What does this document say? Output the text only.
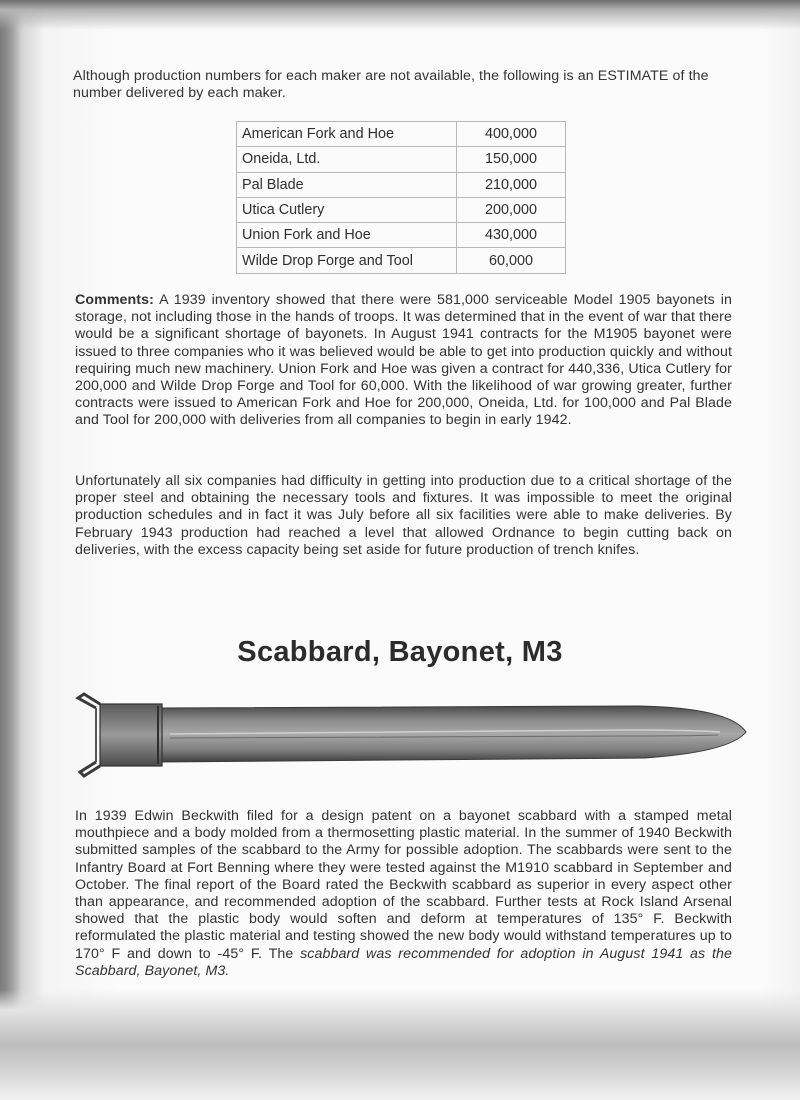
Although production numbers for each maker are not available, the following is an ESTIMATE of the number delivered by each maker.
American Fork and Hoe	400,000
Oneida, Ltd.	150,000
Pal Blade	210,000
Utica Cutlery	200,000
Union Fork and Hoe	430,000
Wilde Drop Forge and Tool	60,000
Comments: A 1939 inventory showed that there were 581,000 serviceable Model 1905 bayonets in storage, not including those in the hands of troops. It was determined that in the event of war that there would be a significant shortage of bayonets. In August 1941 contracts for the M1905 bayonet were issued to three companies who it was believed would be able to get into production quickly and without requiring much new machinery. Union Fork and Hoe was given a contract for 440,336, Utica Cutlery for 200,000 and Wilde Drop Forge and Tool for 60,000. With the likelihood of war growing greater, further contracts were issued to American Fork and Hoe for 200,000, Oneida, Ltd. for 100,000 and Pal Blade and Tool for 200,000 with deliveries from all companies to begin in early 1942.
Unfortunately all six companies had difficulty in getting into production due to a critical shortage of the proper steel and obtaining the necessary tools and fixtures. It was impossible to meet the original production schedules and in fact it was July before all six facilities were able to make deliveries. By February 1943 production had reached a level that allowed Ordnance to begin cutting back on deliveries, with the excess capacity being set aside for future production of trench knifes.
Scabbard, Bayonet, M3
In 1939 Edwin Beckwith filed for a design patent on a bayonet scabbard with a stamped metal mouthpiece and a body molded from a thermosetting plastic material. In the summer of 1940 Beckwith submitted samples of the scabbard to the Army for possible adoption. The scabbards were sent to the Infantry Board at Fort Benning where they were tested against the M1910 scabbard in September and October. The final report of the Board rated the Beckwith scabbard as superior in every aspect other than appearance, and recommended adoption of the scabbard. Further tests at Rock Island Arsenal showed that the plastic body would soften and deform at temperatures of 135° F. Beckwith reformulated the plastic material and testing showed the new body would withstand temperatures up to 170° F and down to -45° F. The scabbard was recommended for adoption in August 1941 as the Scabbard, Bayonet, M3.
